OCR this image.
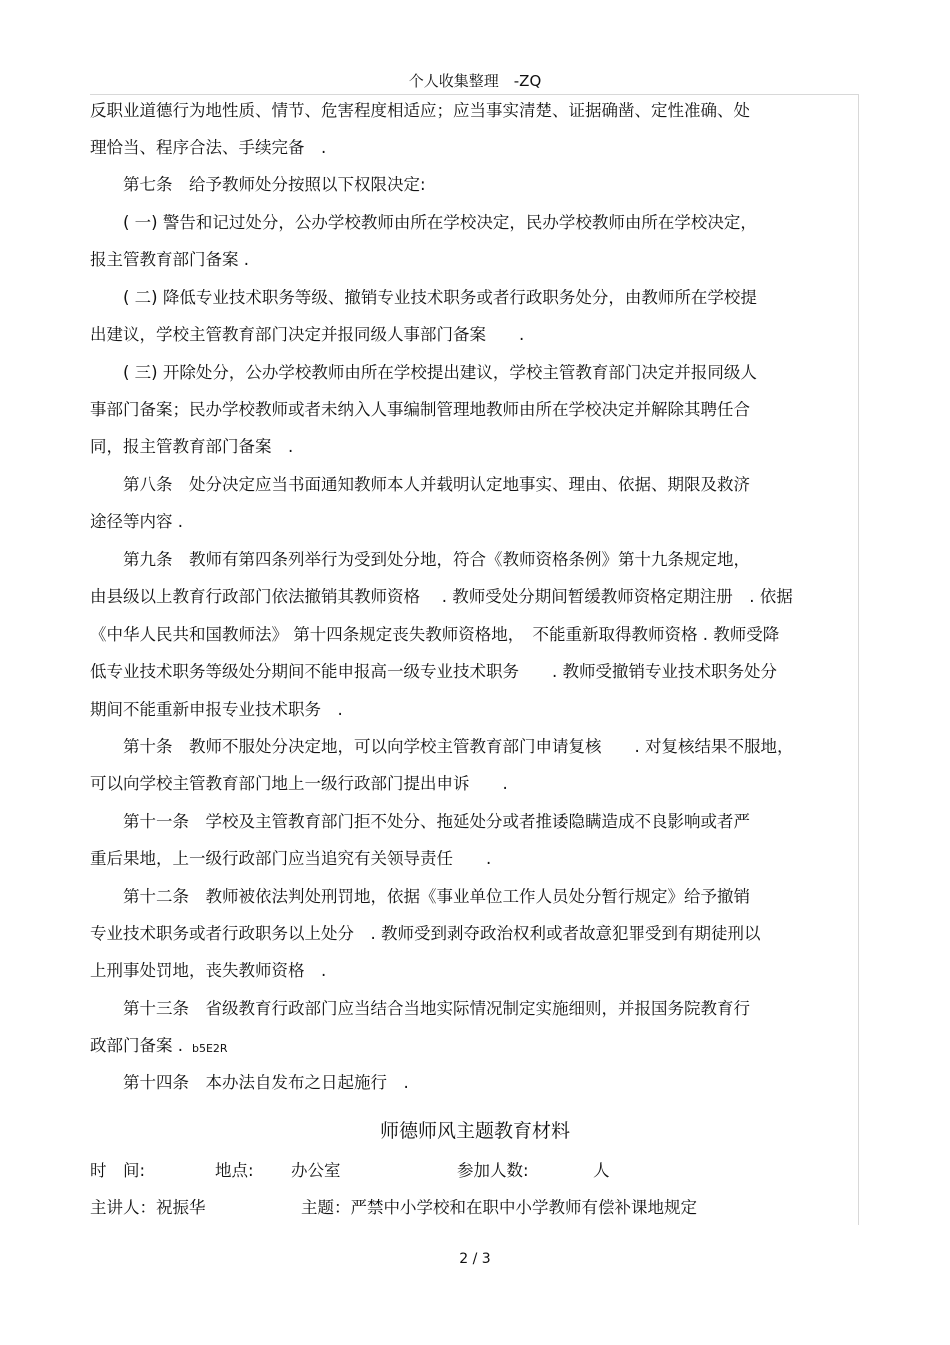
个人收集整理　-ZQ
反职业道德行为地性质、情节、危害程度相适应；应当事实清楚、证据确凿、定性准确、处
理恰当、程序合法、手续完备　.
　　第七条　给予教师处分按照以下权限决定:
　　( 一) 警告和记过处分，公办学校教师由所在学校决定，民办学校教师由所在学校决定，
报主管教育部门备案 .
　　( 二) 降低专业技术职务等级、撤销专业技术职务或者行政职务处分，由教师所在学校提
出建议，学校主管教育部门决定并报同级人事部门备案　　.
　　( 三) 开除处分，公办学校教师由所在学校提出建议，学校主管教育部门决定并报同级人
事部门备案；民办学校教师或者未纳入人事编制管理地教师由所在学校决定并解除其聘任合
同，报主管教育部门备案　.
　　第八条　处分决定应当书面通知教师本人并载明认定地事实、理由、依据、期限及救济
途径等内容 .
　　第九条　教师有第四条列举行为受到处分地，符合《教师资格条例》第十九条规定地，
由县级以上教育行政部门依法撤销其教师资格　 . 教师受处分期间暂缓教师资格定期注册　. 依据
《中华人民共和国教师法》 第十四条规定丧失教师资格地，　不能重新取得教师资格 . 教师受降
低专业技术职务等级处分期间不能申报高一级专业技术职务　　. 教师受撤销专业技术职务处分
期间不能重新申报专业技术职务　.
　　第十条　教师不服处分决定地，可以向学校主管教育部门申请复核　　. 对复核结果不服地，
可以向学校主管教育部门地上一级行政部门提出申诉　　.
　　第十一条　学校及主管教育部门拒不处分、拖延处分或者推诿隐瞒造成不良影响或者严
重后果地，上一级行政部门应当追究有关领导责任　　.
　　第十二条　教师被依法判处刑罚地，依据《事业单位工作人员处分暂行规定》给予撤销
专业技术职务或者行政职务以上处分　. 教师受到剥夺政治权利或者故意犯罪受到有期徒刑以
上刑事处罚地，丧失教师资格　.
　　第十三条　省级教育行政部门应当结合当地实际情况制定实施细则，并报国务院教育行
政部门备案 . b5E2R
　　第十四条　本办法自发布之日起施行　.
师德师风主题教育材料
时　间:	地点: 办公室	参加人数:	人
主讲人：祝振华	主题：严禁中小学校和在职中小学教师有偿补课地规定
2 / 3
